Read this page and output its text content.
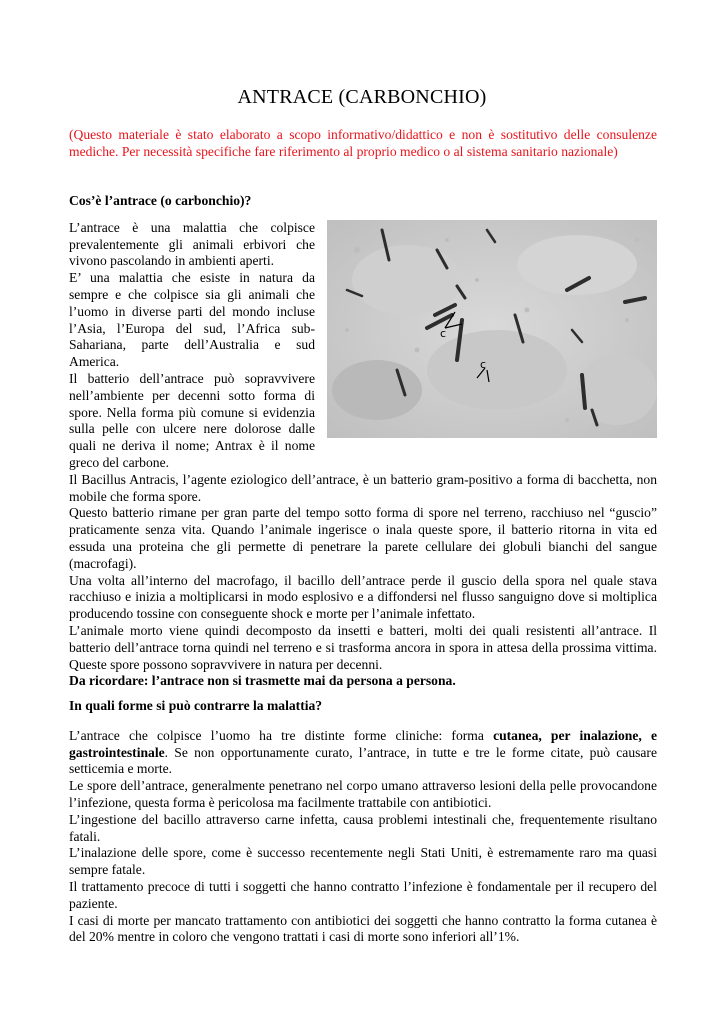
ANTRACE (CARBONCHIO)
(Questo materiale è stato elaborato a scopo informativo/didattico e non è sostitutivo delle consulenze mediche. Per necessità specifiche fare riferimento al proprio medico o al sistema sanitario nazionale)
Cos’è l’antrace (o carbonchio)?
c
c

L’antrace è una malattia che colpisce prevalentemente gli animali erbivori che vivono pascolando in ambienti aperti.

E’ una malattia che esiste in natura da sempre e che colpisce sia gli animali che l’uomo in diverse parti del mondo incluse l’Asia, l’Europa del sud, l’Africa sub-Sahariana, parte dell’Australia e sud America.

Il batterio dell’antrace può sopravvivere nell’ambiente per decenni sotto forma di spore. Nella forma più comune si evidenzia sulla pelle con ulcere nere dolorose dalle quali ne deriva il nome; Antrax è il nome greco del carbone.

Il Bacillus Antracis, l’agente eziologico dell’antrace, è un batterio gram-positivo a forma di bacchetta, non mobile che forma spore.

Questo batterio rimane per gran parte del tempo sotto forma di spore nel terreno, racchiuso nel “guscio” praticamente senza vita. Quando l’animale ingerisce o inala queste spore, il batterio ritorna in vita ed essuda una proteina che gli permette di penetrare la parete cellulare dei globuli bianchi del sangue (macrofagi).

Una volta all’interno del macrofago, il bacillo dell’antrace perde il guscio della spora nel quale stava racchiuso e inizia a moltiplicarsi in modo esplosivo e a diffondersi nel flusso sanguigno dove si moltiplica producendo tossine con conseguente shock e morte per l’animale infettato.

L’animale morto viene quindi decomposto da insetti e batteri, molti dei quali resistenti all’antrace. Il batterio dell’antrace torna quindi nel terreno e si trasforma ancora in spora in attesa della prossima vittima. Queste spore possono sopravvivere in natura per decenni.

Da ricordare: l’antrace non si trasmette mai da persona a persona.

In quali forme si può contrarre la malattia?

L’antrace che colpisce l’uomo ha tre distinte forme cliniche: forma cutanea, per inalazione, e gastrointestinale. Se non opportunamente curato, l’antrace, in tutte e tre le forme citate, può causare setticemia e morte.

Le spore dell’antrace, generalmente penetrano nel corpo umano attraverso lesioni della pelle provocandone l’infezione, questa forma è pericolosa ma facilmente trattabile con antibiotici.

L’ingestione del bacillo attraverso carne infetta, causa problemi intestinali che, frequentemente risultano fatali.

L’inalazione delle spore, come è successo recentemente negli Stati Uniti, è estremamente raro ma quasi sempre fatale.

Il trattamento precoce di tutti i soggetti che hanno contratto l’infezione è fondamentale per il recupero del paziente.

I casi di morte per mancato trattamento con antibiotici dei soggetti che hanno contratto la forma cutanea è del 20% mentre in coloro che vengono trattati i casi di morte sono inferiori all’1%.
